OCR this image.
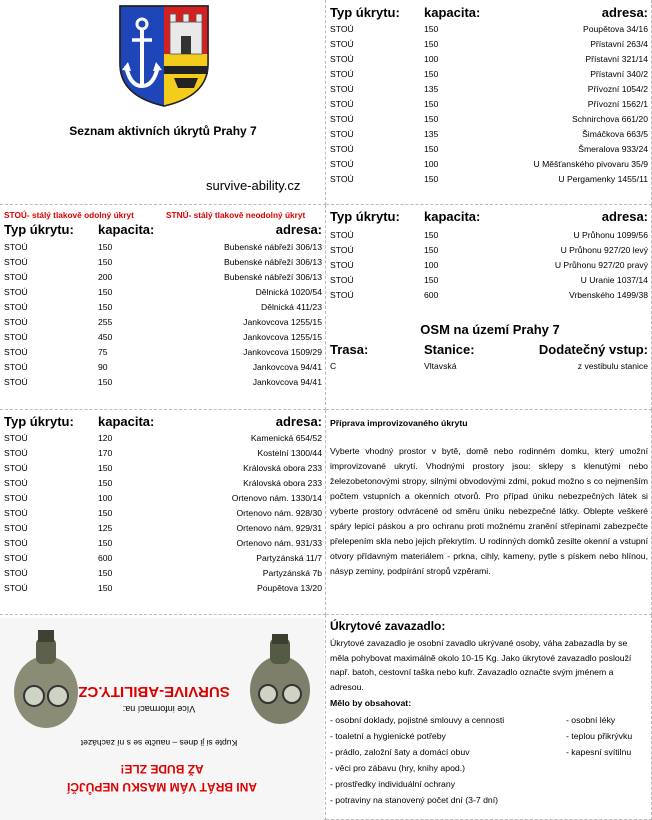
Seznam aktivních úkrytů Prahy 7
survive-ability.cz
Typ úkrytu:	kapacita:	adresa:
STOÚ	150	Poupětova 34/16
STOÚ	150	Přístavní 263/4
STOÚ	100	Přístavní 321/14
STOÚ	150	Přístavní 340/2
STOÚ	135	Přívozní 1054/2
STOÚ	150	Přívozní 1562/1
STOÚ	150	Schnirchova 661/20
STOÚ	135	Šimáčkova 663/5
STOÚ	150	Šmeralova 933/24
STOÚ	100	U Měšťanského pivovaru 35/9
STOÚ	150	U Pergamenky 1455/11
STOÚ- stálý tlakově odolný úkryt	STNÚ- stálý tlakově neodolný úkryt
Typ úkrytu:	kapacita:	adresa:
STOÚ	150	Bubenské nábřeží 306/13
STOÚ	150	Bubenské nábřeží 306/13
STOÚ	200	Bubenské nábřeží 306/13
STOÚ	150	Dělnická 1020/54
STOÚ	150	Dělnická 411/23
STOÚ	255	Jankovcova 1255/15
STOÚ	450	Jankovcova 1255/15
STOÚ	75	Jankovcova 1509/29
STOÚ	90	Jankovcova 94/41
STOÚ	150	Jankovcova 94/41
Typ úkrytu:	kapacita:	adresa:
STOÚ	150	U Průhonu 1099/56
STOÚ	150	U Průhonu 927/20 levý
STOÚ	100	U Průhonu 927/20 pravý
STOÚ	150	U Uranie 1037/14
STOÚ	600	Vrbenského 1499/38
OSM na území Prahy 7
Trasa:	Stanice:	Dodatečný vstup:
C	Vltavská	z vestibulu stanice
Typ úkrytu:	kapacita:	adresa:
STOÚ	120	Kamenická 654/52
STOÚ	170	Kostelní 1300/44
STOÚ	150	Královská obora 233
STOÚ	150	Královská obora 233
STOÚ	100	Ortenovo nám. 1330/14
STOÚ	150	Ortenovo nám. 928/30
STOÚ	125	Ortenovo nám. 929/31
STOÚ	150	Ortenovo nám. 931/33
STOÚ	600	Partyzánská 11/7
STOÚ	150	Partyzánská 7b
STOÚ	150	Poupětova 13/20
Příprava improvizovaného úkrytu
Vyberte vhodný prostor v bytě, domě nebo rodinném domku, který umožní improvizované ukrytí. Vhodnými prostory jsou: sklepy s klenutými nebo železobetonovými stropy, silnými obvodovými zdmi, pokud možno s co nejmenším počtem vstupních a okenních otvorů. Pro případ úniku nebezpečných látek si vyberte prostory odvrácené od směru úniku nebezpečné látky. Oblepte veškeré spáry lepicí páskou a pro ochranu proti možnému zranění střepinami zabezpečte přelepením skla nebo jejich překrytím. U rodinných domků zesilte okenní a vstupní otvory přídavným materiálem - prkna, cihly, kameny, pytle s pískem nebo hlínou, násyp zeminy, podpírání stropů vzpěrami.
ANI BRÁT VÁM MASKU NEPŮJČÍ
AŽ BUDE ZLE!
Kupte si ji dnes – naučte se s ní zacházet
Více informací na:
SURVIVE-ABILITY.CZ
Úkrytové zavazadlo:
Úkrytové zavazadlo je osobní zavadlo ukrývané osoby, váha zabazadla by se měla pohybovat maximálně okolo 10-15 Kg. Jako úkrytové zavazadlo poslouží např. batoh, cestovní taška nebo kufr. Zavazadlo označte svým jménem a adresou.
Mělo by obsahovat:
- osobní doklady, pojistné smlouvy a cennosti
- toaletní a hygienické potřeby
- prádlo, založní šaty a domácí obuv
- věci pro zábavu (hry, knihy apod.)
- prostředky individuální ochrany
- potraviny na stanovený počet dní (3-7 dní)
- osobní léky
- teplou přikrývku
- kapesní svítilnu
